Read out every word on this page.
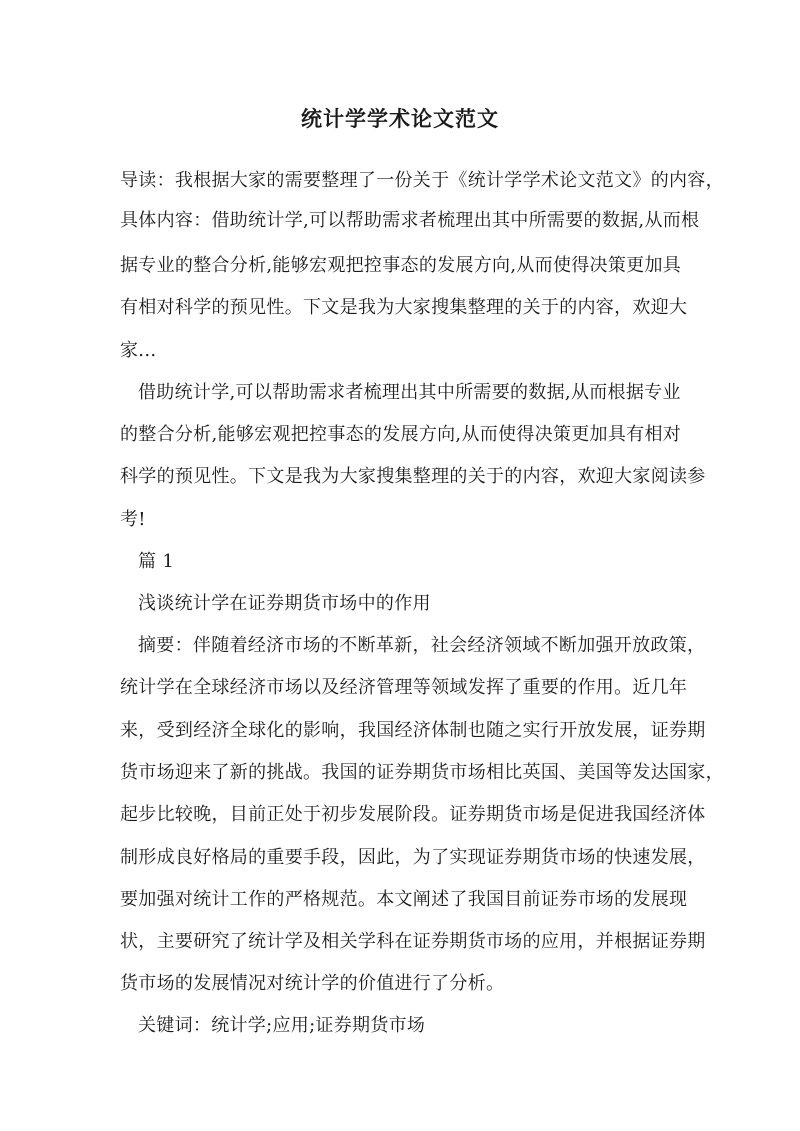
统计学学术论文范文
导读：我根据大家的需要整理了一份关于《统计学学术论文范文》的内容，
具体内容：借助统计学,可以帮助需求者梳理出其中所需要的数据,从而根
据专业的整合分析,能够宏观把控事态的发展方向,从而使得决策更加具
有相对科学的预见性。下文是我为大家搜集整理的关于的内容，欢迎大
家...
借助统计学,可以帮助需求者梳理出其中所需要的数据,从而根据专业
的整合分析,能够宏观把控事态的发展方向,从而使得决策更加具有相对
科学的预见性。下文是我为大家搜集整理的关于的内容，欢迎大家阅读参
考!
篇 1
浅谈统计学在证券期货市场中的作用
摘要：伴随着经济市场的不断革新，社会经济领域不断加强开放政策，
统计学在全球经济市场以及经济管理等领域发挥了重要的作用。近几年
来，受到经济全球化的影响，我国经济体制也随之实行开放发展，证券期
货市场迎来了新的挑战。我国的证券期货市场相比英国、美国等发达国家，
起步比较晚，目前正处于初步发展阶段。证券期货市场是促进我国经济体
制形成良好格局的重要手段，因此，为了实现证券期货市场的快速发展，
要加强对统计工作的严格规范。本文阐述了我国目前证券市场的发展现
状，主要研究了统计学及相关学科在证券期货市场的应用，并根据证券期
货市场的发展情况对统计学的价值进行了分析。
关键词：统计学;应用;证券期货市场
